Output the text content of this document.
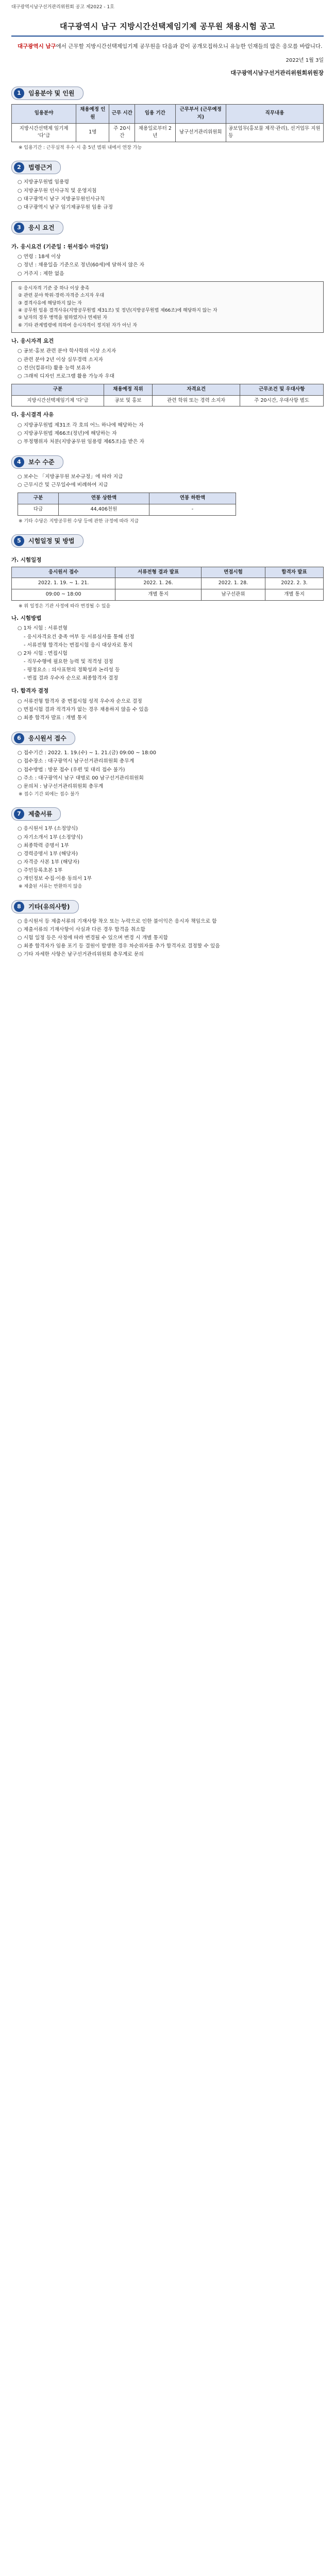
대구광역시남구선거관리위원회 공고 제2022 - 1호
대구광역시 남구 지방시간선택제임기제 공무원 채용시험 공고

대구광역시 남구에서 근무할 지방시간선택제임기제 공무원을 다음과 같이 공개모집하오니 유능한 인재들의 많은 응모를 바랍니다.

2022년 1월 3일
대구광역시남구선거관리위원회위원장
1	임용분야 및 인원
임용분야	채용예정 인원	근무 시간	임용 기간	근무부서 (근무예정지)	직무내용
지방시간선택제 임기제 ‘다’급	1명	주 20시간	채용일로부터 2년	남구선거관리위원회	공보업무(홍보물 제작·관리), 선거업무 지원 등
※ 임용기간 : 근무실적 우수 시 총 5년 범위 내에서 연장 가능
2	법령근거
○ 지방공무원법 임용령
○ 지방공무원 인사규칙 및 운영지침
○ 대구광역시 남구 지방공무원인사규칙
○ 대구광역시 남구 임기제공무원 임용 규정
3	응시 요건
가. 응시요건 (기준일 : 원서접수 마감일)
○ 연령 : 18세 이상
○ 정년 : 채용일을 기준으로 정년(60세)에 달하지 않은 자
○ 거주지 : 제한 없음
① 응시자격 기준 중 하나 이상 충족
② 관련 분야 학위·경력·자격증 소지자 우대
③ 결격사유에 해당하지 않는 자
④ 공무원 임용 결격사유(지방공무원법 제31조) 및 정년(지방공무원법 제66조)에 해당하지 않는 자
⑤ 남자의 경우 병역을 필하였거나 면제된 자
⑥ 기타 관계법령에 의하여 응시자격이 정지된 자가 아닌 자
나. 응시자격 요건
○ 공보·홍보 관련 분야 학사학위 이상 소지자
○ 관련 분야 2년 이상 실무경력 소지자
○ 전산(컴퓨터) 활용 능력 보유자
○ 그래픽 디자인 프로그램 활용 가능자 우대
구분	채용예정 직위	자격요건	근무조건 및 우대사항
지방시간선택제임기제 ‘다’급	공보 및 홍보	관련 학위 또는 경력 소지자	주 20시간, 우대사항 별도
다. 응시결격 사유
○ 지방공무원법 제31조 각 호의 어느 하나에 해당하는 자
○ 지방공무원법 제66조(정년)에 해당하는 자
○ 부정행위자 처분(지방공무원 임용령 제65조)을 받은 자
4	보수 수준
○ 보수는 「지방공무원 보수규정」에 따라 지급
○ 근무시간 및 근무일수에 비례하여 지급
구분	연봉 상한액	연봉 하한액
다급	44,406천원	-
※ 기타 수당은 지방공무원 수당 등에 관한 규정에 따라 지급
5	시험일정 및 방법
가. 시험일정
응시원서 접수	서류전형 결과 발표	면접시험	합격자 발표
2022. 1. 19. ~ 1. 21.	2022. 1. 26.	2022. 1. 28.	2022. 2. 3.
09:00 ~ 18:00	개별 통지	남구선관위	개별 통지
※ 위 일정은 기관 사정에 따라 변경될 수 있음
나. 시험방법
○ 1차 시험 : 서류전형
- 응시자격요건 충족 여부 등 서류심사를 통해 선정
- 서류전형 합격자는 면접시험 응시 대상자로 통지
○ 2차 시험 : 면접시험
- 직무수행에 필요한 능력 및 적격성 검정
- 평정요소 : 의사표현의 정확성과 논리성 등
- 면접 결과 우수자 순으로 최종합격자 결정
다. 합격자 결정
○ 서류전형 합격자 중 면접시험 성적 우수자 순으로 결정
○ 면접시험 결과 적격자가 없는 경우 채용하지 않을 수 있음
○ 최종 합격자 발표 : 개별 통지
6	응시원서 접수
○ 접수기간 : 2022. 1. 19.(수) ~ 1. 21.(금) 09:00 ~ 18:00
○ 접수장소 : 대구광역시 남구선거관리위원회 총무계
○ 접수방법 : 방문 접수 (우편 및 대리 접수 불가)
○ 주소 : 대구광역시 남구 대명로 00 남구선거관리위원회
○ 문의처 : 남구선거관리위원회 총무계
※ 접수 기간 외에는 접수 불가
7	제출서류
○ 응시원서 1부 (소정양식)
○ 자기소개서 1부 (소정양식)
○ 최종학력 증명서 1부
○ 경력증명서 1부 (해당자)
○ 자격증 사본 1부 (해당자)
○ 주민등록초본 1부
○ 개인정보 수집·이용 동의서 1부
※ 제출된 서류는 반환하지 않음
8	기타(유의사항)
○ 응시원서 등 제출서류의 기재사항 착오 또는 누락으로 인한 불이익은 응시자 책임으로 함
○ 제출서류의 기재사항이 사실과 다른 경우 합격을 취소함
○ 시험 일정 등은 사정에 따라 변경될 수 있으며 변경 시 개별 통지함
○ 최종 합격자가 임용 포기 등 결원이 발생한 경우 차순위자를 추가 합격자로 결정할 수 있음
○ 기타 자세한 사항은 남구선거관리위원회 총무계로 문의
